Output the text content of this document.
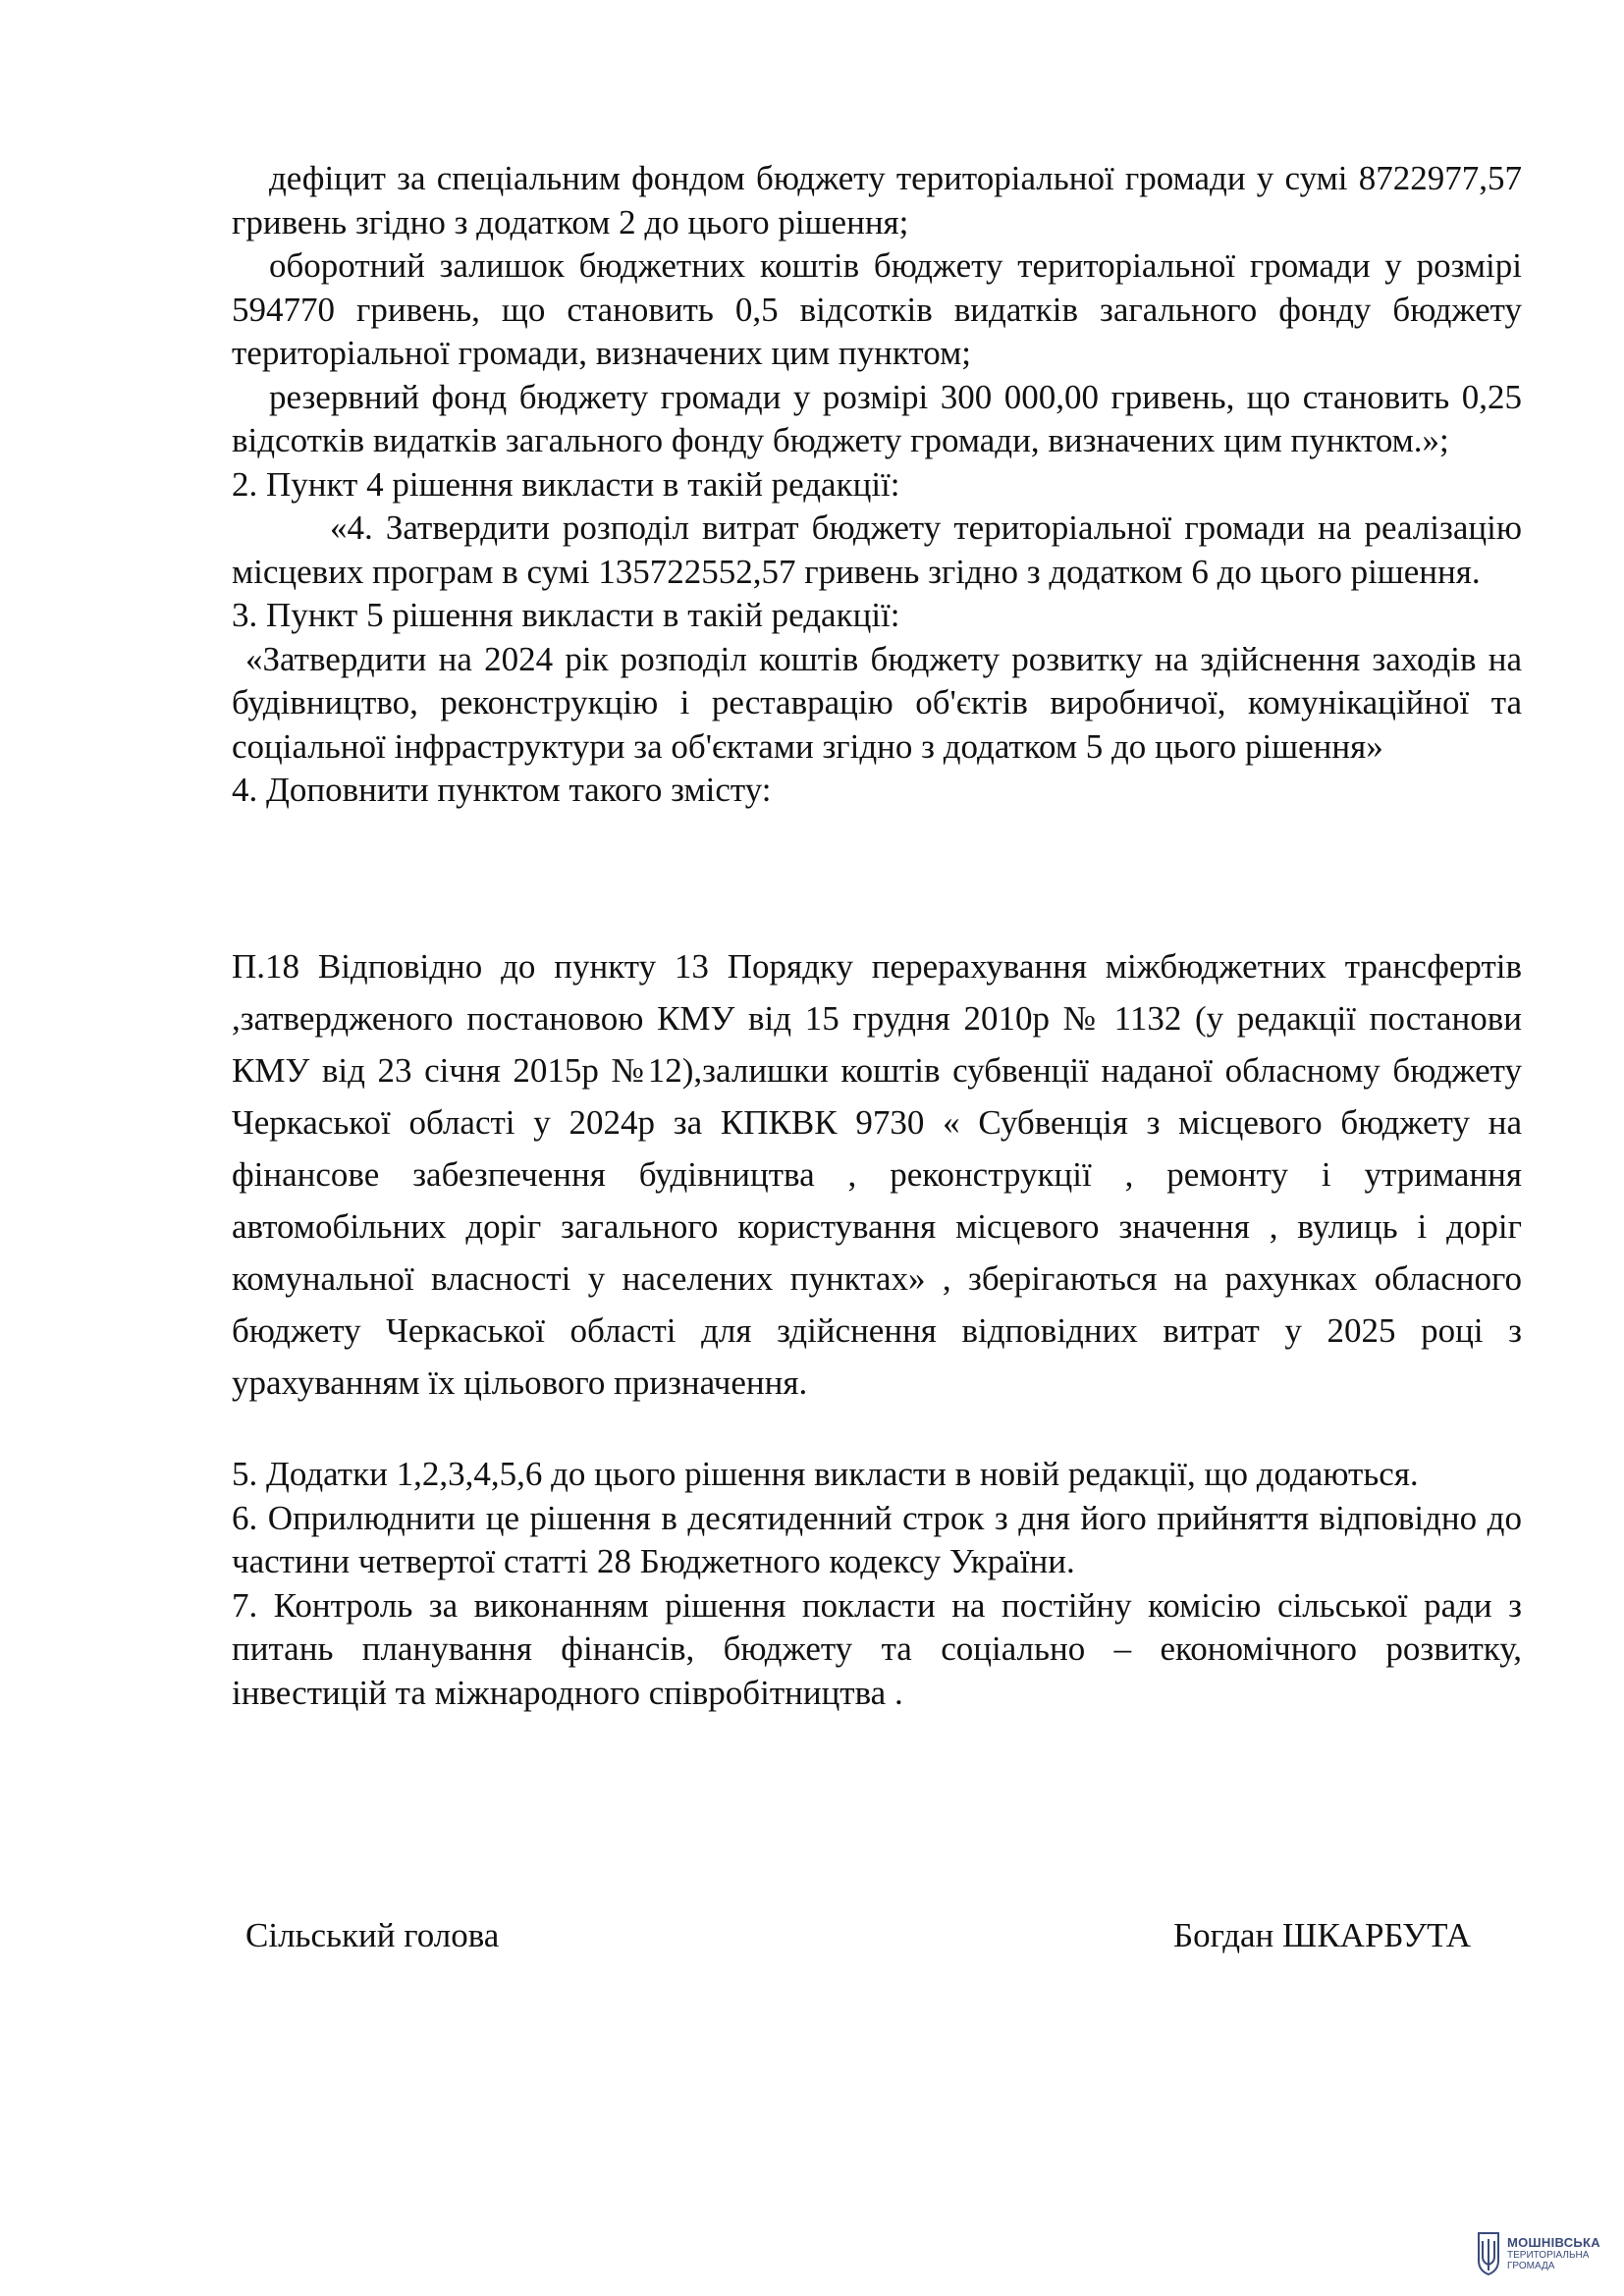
дефіцит за спеціальним фондом бюджету територіальної громади у сумі 8722977,57 гривень згідно з додатком 2 до цього рішення;

оборотний залишок бюджетних коштів бюджету територіальної громади у розмірі 594770 гривень, що становить 0,5 відсотків видатків загального фонду бюджету територіальної громади, визначених цим пунктом;

резервний фонд бюджету громади у розмірі 300 000,00 гривень, що становить 0,25 відсотків видатків загального фонду бюджету громади, визначених цим пунктом.»;

2. Пункт 4 рішення викласти в такій редакції:

«4. Затвердити розподіл витрат бюджету територіальної громади на реалізацію місцевих програм в сумі 135722552,57 гривень згідно з додатком 6 до цього рішення.

3. Пункт 5 рішення викласти в такій редакції:

«Затвердити на 2024 рік розподіл коштів бюджету розвитку на здійснення заходів на будівництво, реконструкцію і реставрацію об'єктів виробничої, комунікаційної та соціальної інфраструктури за об'єктами згідно з додатком 5 до цього рішення»

4. Доповнити пунктом такого змісту:

П.18 Відповідно до пункту 13 Порядку перерахування міжбюджетних трансфертів ,затвердженого постановою КМУ від 15 грудня 2010р № 1132 (у редакції постанови КМУ від 23 січня 2015р №12),залишки коштів субвенції наданої обласному бюджету Черкаської області у 2024р за КПКВК 9730 « Субвенція з місцевого бюджету на фінансове забезпечення будівництва , реконструкції , ремонту і утримання автомобільних доріг загального користування місцевого значення , вулиць і доріг комунальної власності у населених пунктах» , зберігаються на рахунках обласного бюджету Черкаської області для здійснення відповідних витрат у 2025 році з урахуванням їх цільового призначення.

5. Додатки 1,2,3,4,5,6 до цього рішення викласти в новій редакції, що додаються.

6. Оприлюднити це рішення в десятиденний строк з дня його прийняття відповідно до частини четвертої статті 28 Бюджетного кодексу України.

7. Контроль за виконанням рішення покласти на постійну комісію сільської ради з питань планування фінансів, бюджету та соціально – економічного розвитку, інвестицій та міжнародного співробітництва .

Сільський голова	Богдан ШКАРБУТА
МОШНІВСЬКА
ТЕРИТОРІАЛЬНА
ГРОМАДА
